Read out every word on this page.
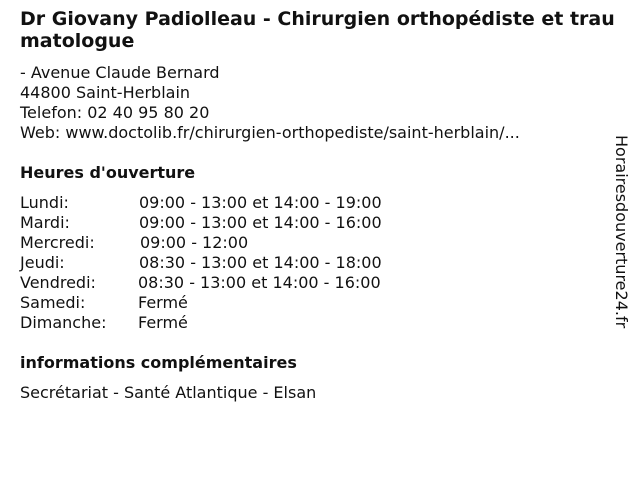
Dr Giovany Padiolleau - Chirurgien orthopédiste et traumatologue
- Avenue Claude Bernard
44800 Saint-Herblain
Telefon: 02 40 95 80 20
Web: www.doctolib.fr/chirurgien-orthopediste/saint-herblain/...
Heures d'ouverture
Lundi:	09:00 - 13:00 et 14:00 - 19:00
Mardi:	09:00 - 13:00 et 14:00 - 16:00
Mercredi:	09:00 - 12:00
Jeudi:	08:30 - 13:00 et 14:00 - 18:00
Vendredi:	08:30 - 13:00 et 14:00 - 16:00
Samedi:	Fermé
Dimanche: Fermé
informations complémentaires
Secrétariat - Santé Atlantique - Elsan
Horairesdouverture24.fr
